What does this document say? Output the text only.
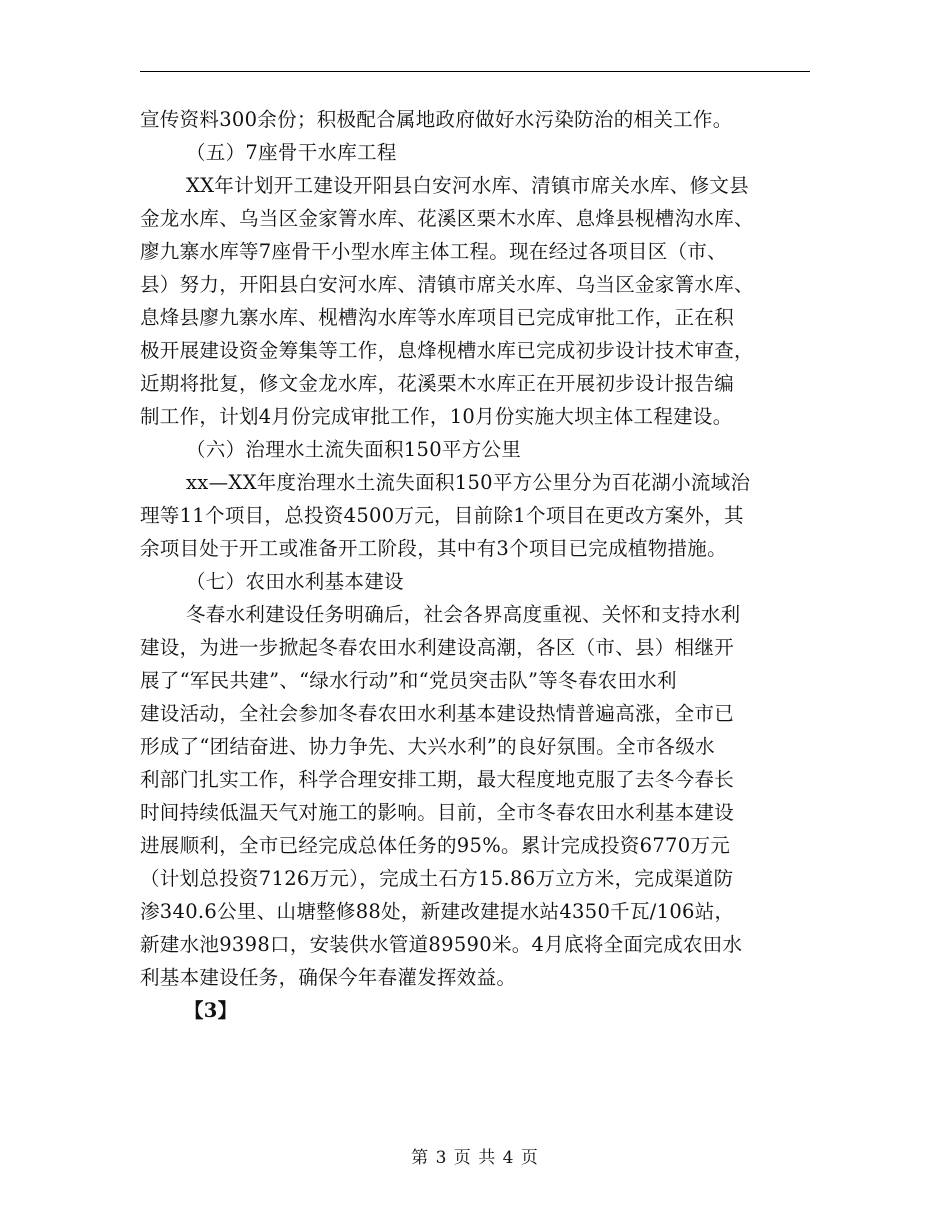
宣传资料300余份；积极配合属地政府做好水污染防治的相关工作。
（五）7座骨干水库工程
XX年计划开工建设开阳县白安河水库、清镇市席关水库、修文县
金龙水库、乌当区金家箐水库、花溪区栗木水库、息烽县枧槽沟水库、
廖九寨水库等7座骨干小型水库主体工程。现在经过各项目区（市、
县）努力，开阳县白安河水库、清镇市席关水库、乌当区金家箐水库、
息烽县廖九寨水库、枧槽沟水库等水库项目已完成审批工作，正在积
极开展建设资金筹集等工作，息烽枧槽水库已完成初步设计技术审查，
近期将批复，修文金龙水库，花溪栗木水库正在开展初步设计报告编
制工作，计划4月份完成审批工作，10月份实施大坝主体工程建设。
（六）治理水土流失面积150平方公里
xx—XX年度治理水土流失面积150平方公里分为百花湖小流域治
理等11个项目，总投资4500万元，目前除1个项目在更改方案外，其
余项目处于开工或准备开工阶段，其中有3个项目已完成植物措施。
（七）农田水利基本建设
冬春水利建设任务明确后，社会各界高度重视、关怀和支持水利
建设，为进一步掀起冬春农田水利建设高潮，各区（市、县）相继开
展了“军民共建”、“绿水行动”和“党员突击队”等冬春农田水利
建设活动，全社会参加冬春农田水利基本建设热情普遍高涨，全市已
形成了“团结奋进、协力争先、大兴水利”的良好氛围。全市各级水
利部门扎实工作，科学合理安排工期，最大程度地克服了去冬今春长
时间持续低温天气对施工的影响。目前，全市冬春农田水利基本建设
进展顺利，全市已经完成总体任务的95%。累计完成投资6770万元
（计划总投资7126万元），完成土石方15.86万立方米，完成渠道防
渗340.6公里、山塘整修88处，新建改建提水站4350千瓦/106站，
新建水池9398口，安装供水管道89590米。4月底将全面完成农田水
利基本建设任务，确保今年春灌发挥效益。
【3】
第 3 页 共 4 页
